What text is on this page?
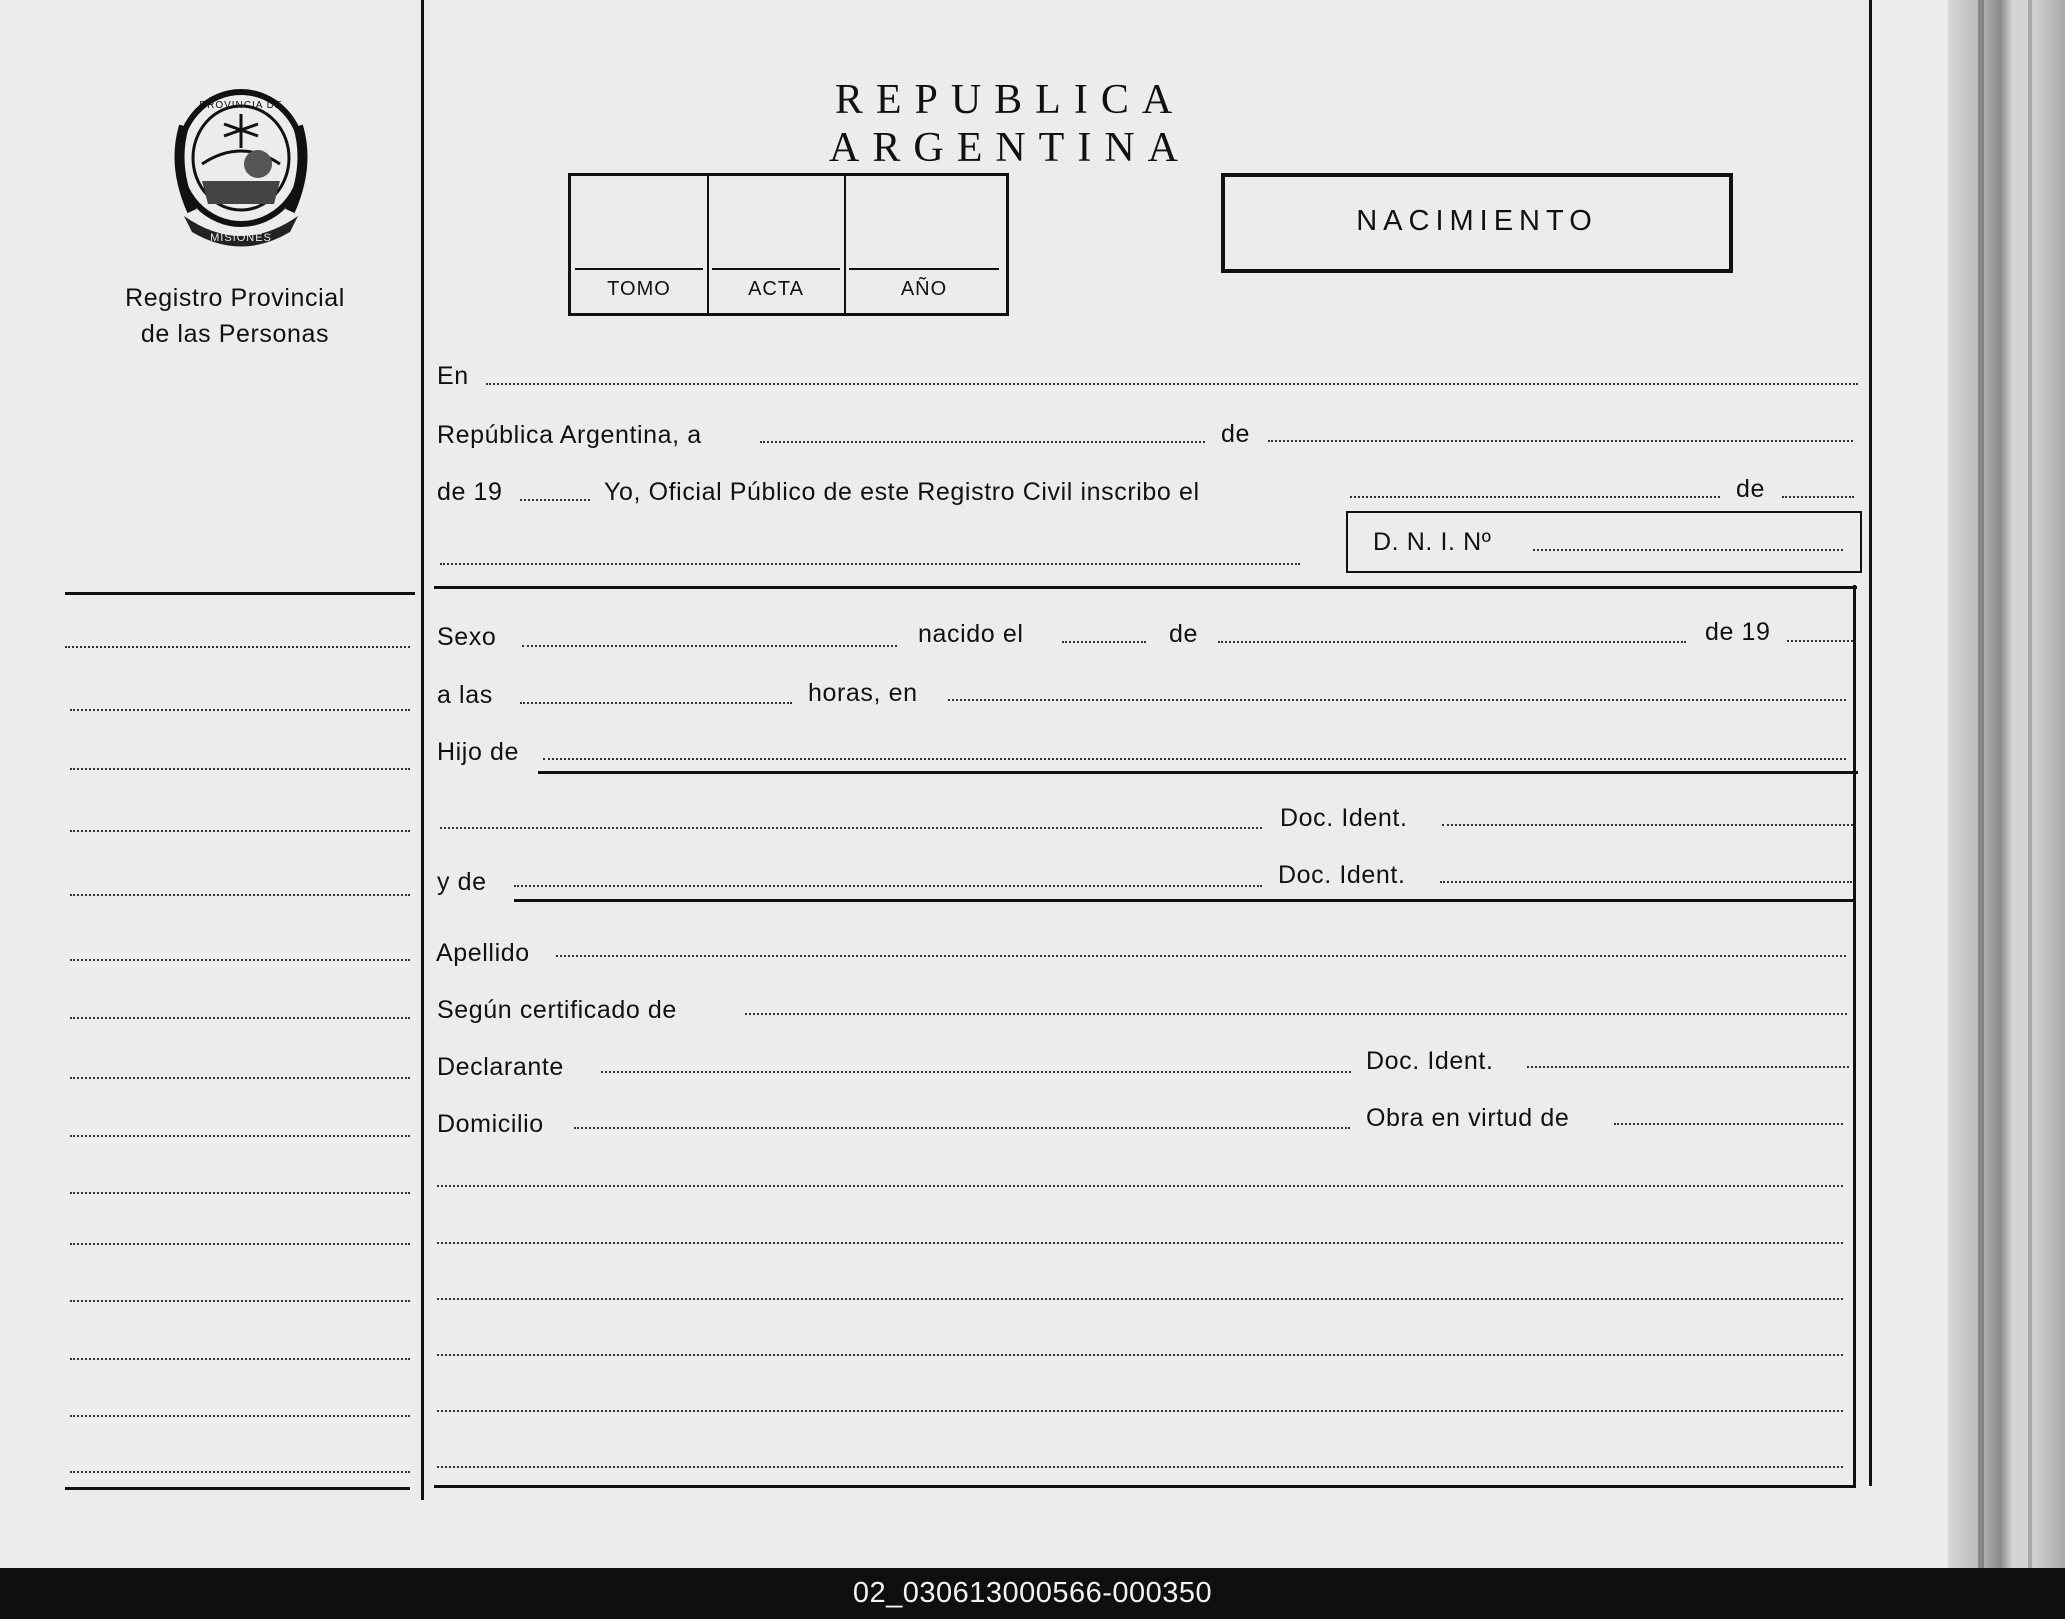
MISIONES
PROVINCIA DE
Registro Provincial
de las Personas
REPUBLICA ARGENTINA
TOMO	ACTA	AÑO
NACIMIENTO
En
República Argentina, a	de
de 19	Yo, Oficial Público de este Registro Civil inscribo el	de
D. N. I. Nº
Sexo	nacido el	de	de 19
a las	horas, en
Hijo de
Doc. Ident.
y de	Doc. Ident.
Apellido
Según certificado de
Declarante	Doc. Ident.
Domicilio	Obra en virtud de
02_030613000566-000350
